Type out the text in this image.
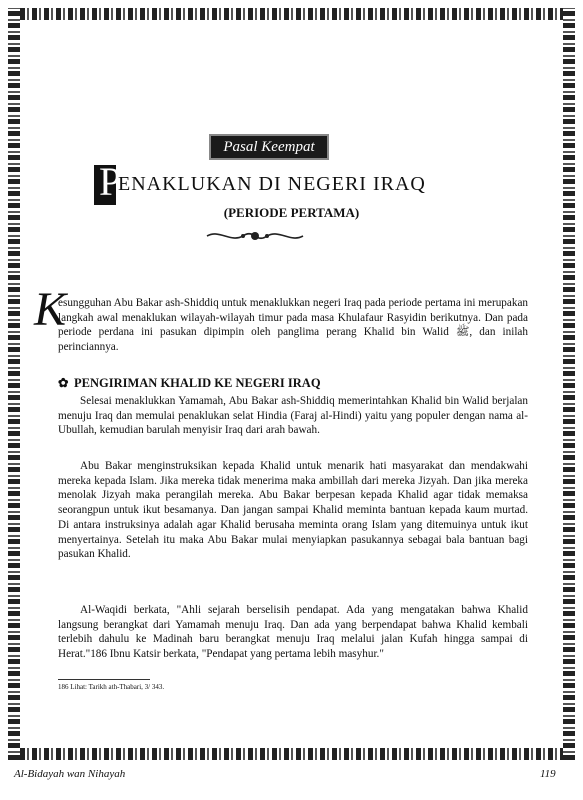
Pasal Keempat
P
ENAKLUKAN DI NEGERI IRAQ
(PERIODE PERTAMA)
K

esungguhan Abu Bakar ash-Shiddiq untuk menaklukkan negeri Iraq pada periode pertama ini merupakan langkah awal menaklukan wilayah-wilayah timur pada masa Khulafaur Rasyidin berikutnya. Dan pada periode perdana ini pasukan dipimpin oleh panglima perang Khalid bin Walid ﷺ, dan inilah perinciannya.

✿ PENGIRIMAN KHALID KE NEGERI IRAQ

Selesai menaklukkan Yamamah, Abu Bakar ash-Shiddiq memerintahkan Khalid bin Walid berjalan menuju Iraq dan memulai penaklukan selat Hindia (Faraj al-Hindi) yaitu yang populer dengan nama al-Ubullah, kemudian barulah menyisir Iraq dari arah bawah.

Abu Bakar menginstruksikan kepada Khalid untuk menarik hati masyarakat dan mendakwahi mereka kepada Islam. Jika mereka tidak menerima maka ambillah dari mereka Jizyah. Dan jika mereka menolak Jizyah maka perangilah mereka. Abu Bakar berpesan kepada Khalid agar tidak memaksa seorangpun untuk ikut besamanya. Dan jangan sampai Khalid meminta bantuan kepada kaum murtad. Di antara instruksinya adalah agar Khalid berusaha meminta orang Islam yang ditemuinya untuk ikut menyertainya. Setelah itu maka Abu Bakar mulai menyiapkan pasukannya sebagai bala bantuan bagi pasukan Khalid.

Al-Waqidi berkata, "Ahli sejarah berselisih pendapat. Ada yang mengatakan bahwa Khalid langsung berangkat dari Yamamah menuju Iraq. Dan ada yang berpendapat bahwa Khalid kembali terlebih dahulu ke Madinah baru berangkat menuju Iraq melalui jalan Kufah hingga sampai di Herat."186 Ibnu Katsir berkata, "Pendapat yang pertama lebih masyhur."

186 Lihat: Tarikh ath-Thabari, 3/ 343.
Al-Bidayah wan Nihayah	119
